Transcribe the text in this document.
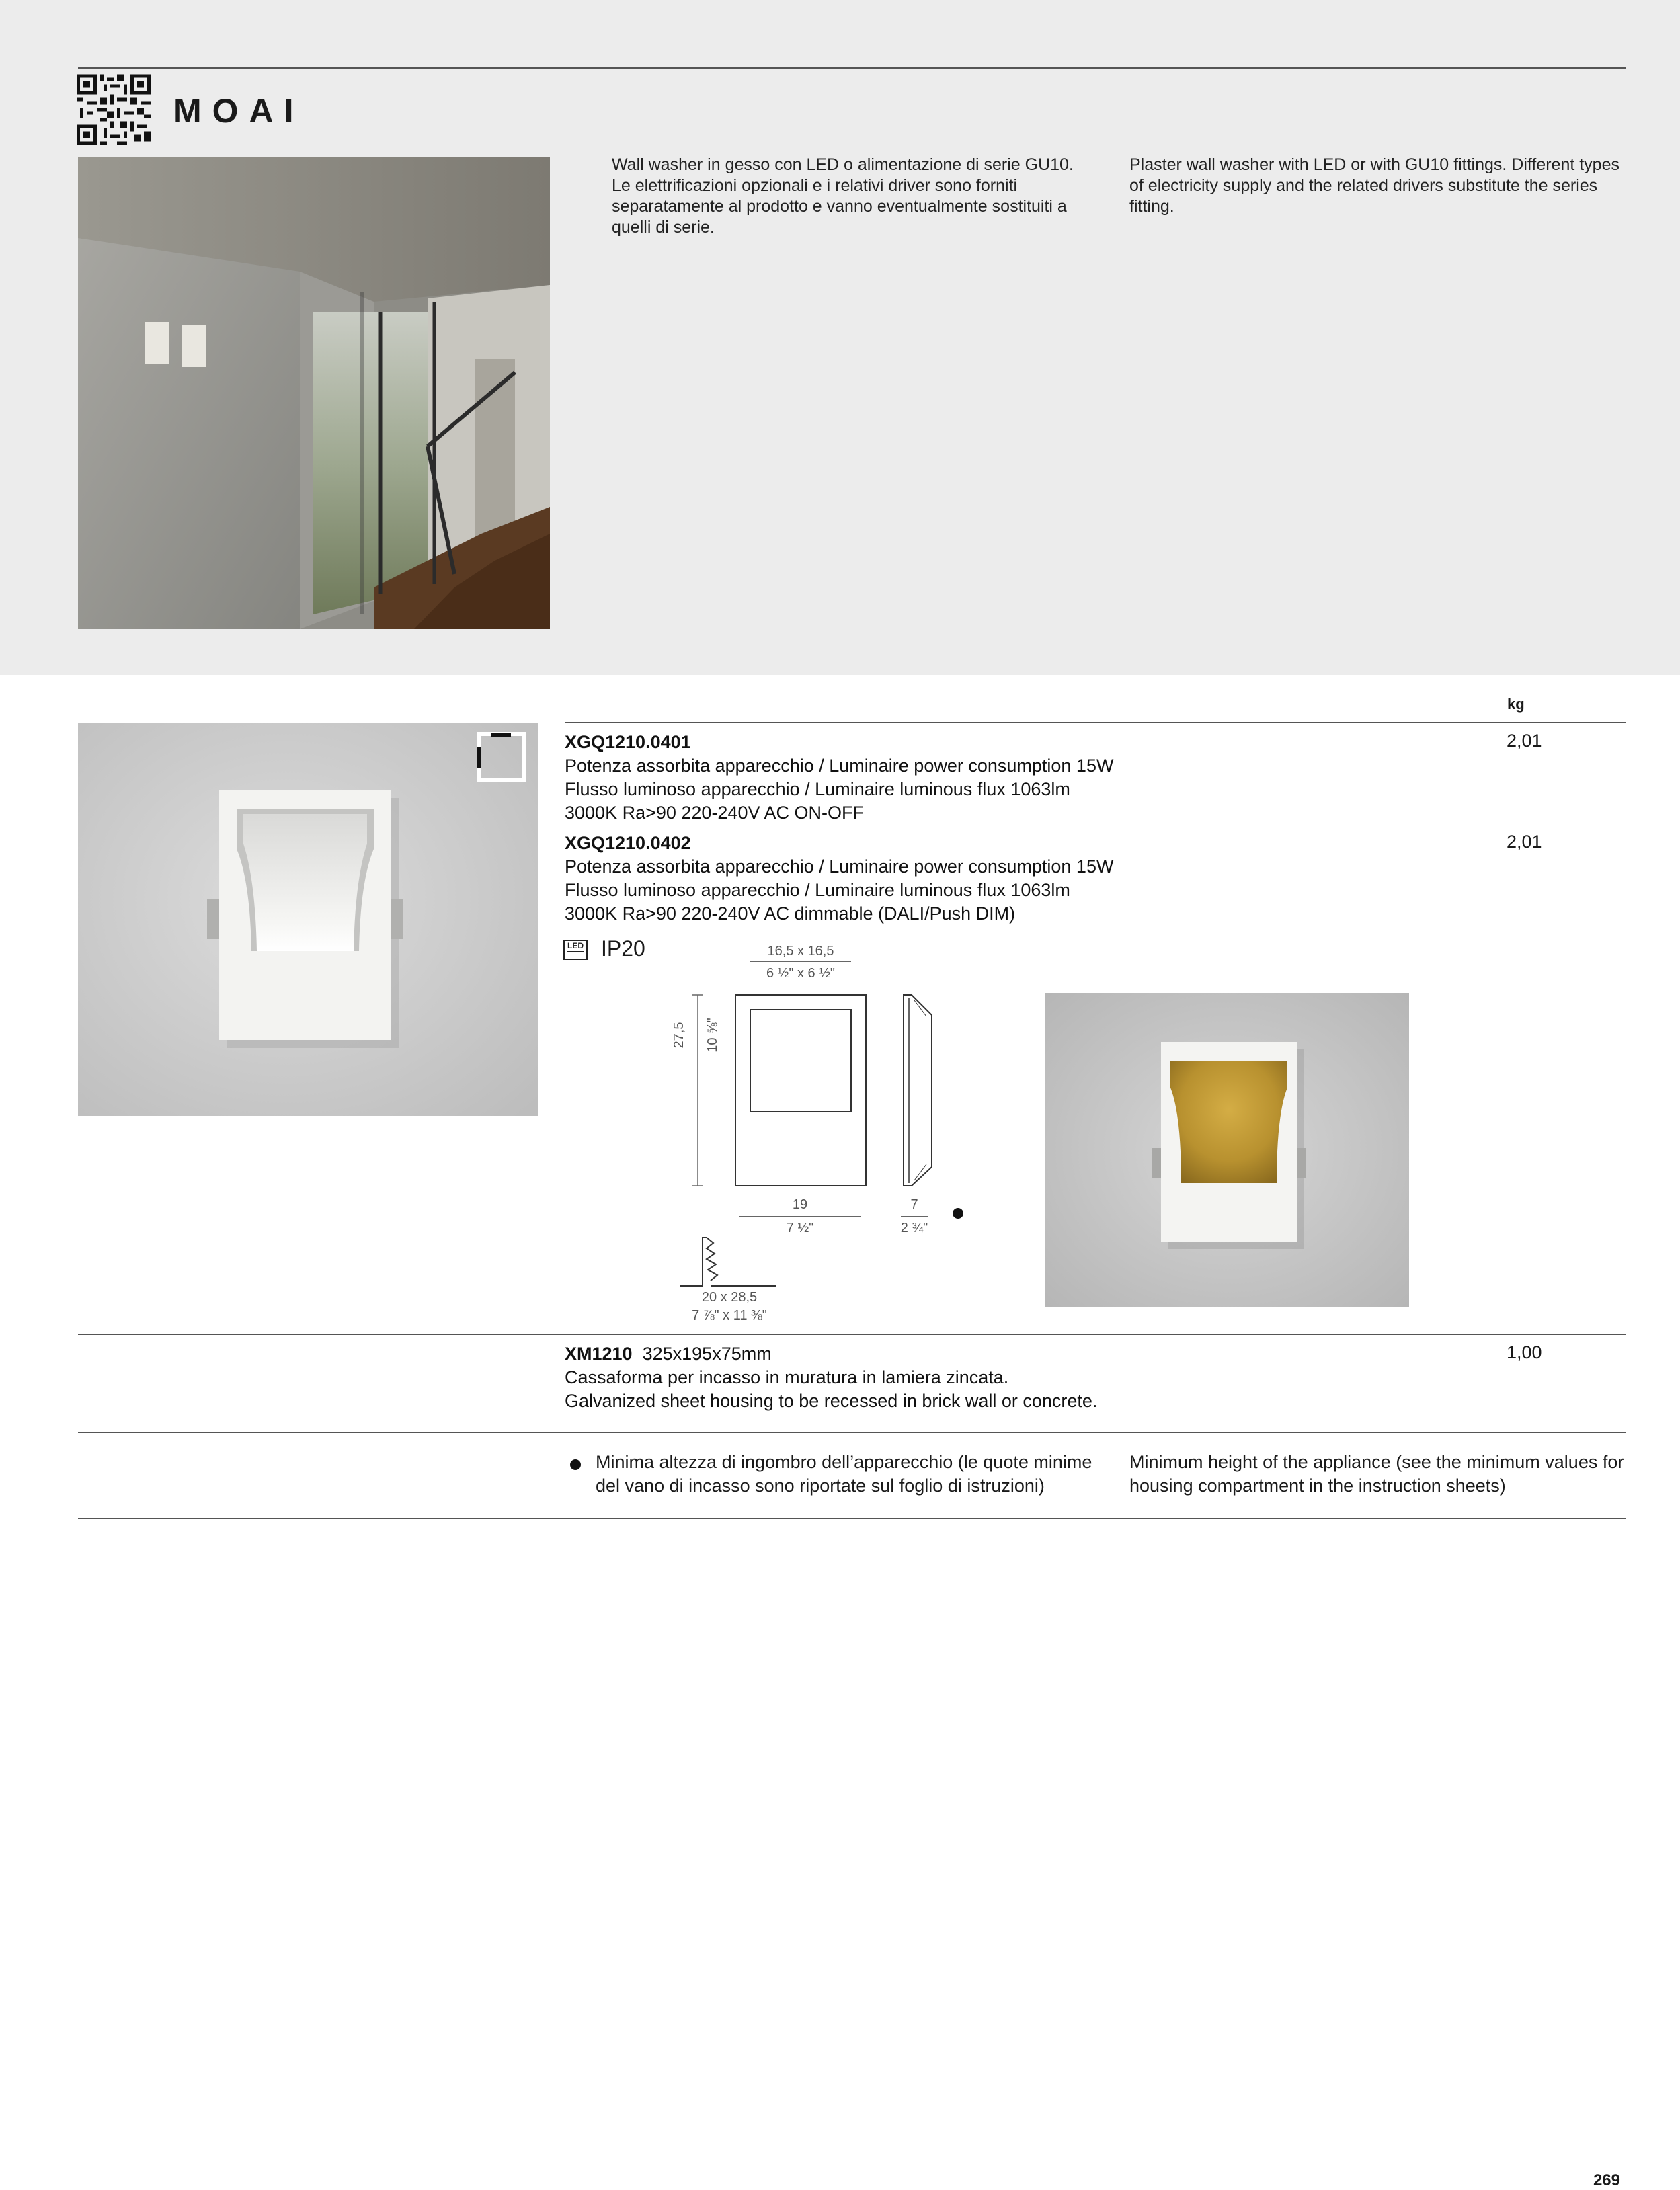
MOAI
Wall washer in gesso con LED o alimentazione di serie GU10. Le elettrificazioni opzionali e i relativi driver sono forniti separatamente al prodotto e vanno eventualmente sostituiti a quelli di serie.
Plaster wall washer with LED or with GU10 fittings. Different types of electricity supply and the related drivers substitute the series fitting.
kg
XGQ1210.0401
Potenza assorbita apparecchio / Luminaire power consumption 15W
Flusso luminoso apparecchio / Luminaire luminous flux 1063lm
3000K Ra>90 220-240V AC ON-OFF
2,01
XGQ1210.0402
Potenza assorbita apparecchio / Luminaire power consumption 15W
Flusso luminoso apparecchio / Luminaire luminous flux 1063lm
3000K Ra>90 220-240V AC dimmable (DALI/Push DIM)
2,01
LED IP20	16,5 x 16,5
6 ½" x 6 ½"
27,5 10 ⅝"
19
7 ½"
7
2 ¾"
20 x 28,5
7 ⅞" x 11 ⅜"
XM1210 325x195x75mm
Cassaforma per incasso in muratura in lamiera zincata.
Galvanized sheet housing to be recessed in brick wall or concrete.
1,00
Minima altezza di ingombro dell’apparecchio (le quote minime del vano di incasso sono riportate sul foglio di istruzioni)
Minimum height of the appliance (see the minimum values for housing compartment in the instruction sheets)
269
